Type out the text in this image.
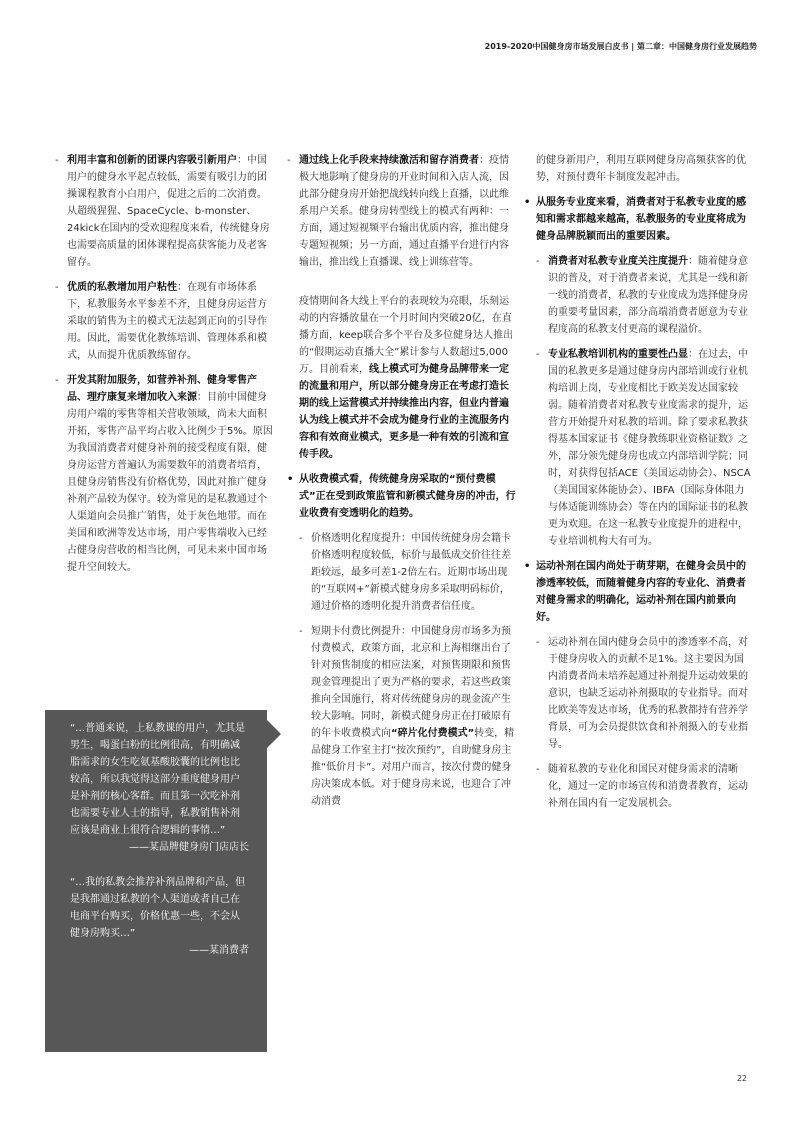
2019-2020中国健身房市场发展白皮书 | 第二章：中国健身房行业发展趋势
- 利用丰富和创新的团课内容吸引新用户：中国用户的健身水平起点较低，需要有吸引力的团操课程教育小白用户，促进之后的二次消费。从超级猩猩、SpaceCycle、b-monster、24kick在国内的受欢迎程度来看，传统健身房也需要高质量的团体课程提高获客能力及老客留存。
- 优质的私教增加用户粘性：在现有市场体系下，私教服务水平参差不齐，且健身房运营方采取的销售为主的模式无法起到正向的引导作用。因此，需要优化教练培训、管理体系和模式，从而提升优质教练留存。
- 开发其附加服务，如营养补剂、健身零售产品、理疗康复来增加收入来源：目前中国健身房用户端的零售等相关营收领域，尚未大面积开拓，零售产品平均占收入比例少于5%。原因为我国消费者对健身补剂的接受程度有限，健身房运营方普遍认为需要数年的消费者培育，且健身房销售没有价格优势，因此对推广健身补剂产品较为保守。较为常见的是私教通过个人渠道向会员推广销售，处于灰色地带。而在美国和欧洲等发达市场，用户零售端收入已经占健身房营收的相当比例，可见未来中国市场提升空间较大。

“…普通来说，上私教课的用户，尤其是男生，喝蛋白粉的比例很高，有明确减脂需求的女生吃氨基酸胶囊的比例也比较高，所以我觉得这部分重度健身用户是补剂的核心客群。而且第一次吃补剂也需要专业人士的指导，私教销售补剂应该是商业上很符合逻辑的事情…”

——某品牌健身房门店店长

“…我的私教会推荐补剂品牌和产品，但是我都通过私教的个人渠道或者自己在电商平台购买，价格优惠一些，不会从健身房购买…”

——某消费者

- 通过线上化手段来持续激活和留存消费者：疫情极大地影响了健身房的开业时间和入店人流，因此部分健身房开始把战线转向线上直播，以此维系用户关系。健身房转型线上的模式有两种：一方面，通过短视频平台输出优质内容，推出健身专题短视频；另一方面，通过直播平台进行内容输出，推出线上直播课、线上训练营等。
疫情期间各大线上平台的表现较为亮眼，乐刻运动的内容播放量在一个月时间内突破20亿，在直播方面，keep联合多个平台及多位健身达人推出的“假期运动直播大全”累计参与人数超过5,000万。目前看来，线上模式可为健身品牌带来一定的流量和用户，所以部分健身房正在考虑打造长期的线上运营模式并持续推出内容，但业内普遍认为线上模式并不会成为健身行业的主流服务内容和有效商业模式，更多是一种有效的引流和宣传手段。
• 从收费模式看，传统健身房采取的“预付费模式”正在受到政策监管和新模式健身房的冲击，行业收费有变透明化的趋势。
- 价格透明化程度提升：中国传统健身房会籍卡价格透明程度较低，标价与最低成交价往往差距较远，最多可差1-2倍左右。近期市场出现的“互联网+”新模式健身房多采取明码标价，通过价格的透明化提升消费者信任度。
- 短期卡付费比例提升：中国健身房市场多为预付费模式，政策方面，北京和上海相继出台了针对预售制度的相应法案，对预售期限和预售现金管理提出了更为严格的要求，若这些政策推向全国施行，将对传统健身房的现金流产生较大影响。同时，新模式健身房正在打破原有的年卡收费模式向“碎片化付费模式”转变，精品健身工作室主打“按次预约”，自助健身房主推“低价月卡”。对用户而言，按次付费的健身房决策成本低。对于健身房来说，也迎合了冲动消费
的健身新用户，利用互联网健身房高频获客的优势，对预付费年卡制度发起冲击。
• 从服务专业度来看，消费者对于私教专业度的感知和需求都越来越高，私教服务的专业度将成为健身品牌脱颖而出的重要因素。
- 消费者对私教专业度关注度提升：随着健身意识的普及，对于消费者来说，尤其是一线和新一线的消费者，私教的专业度成为选择健身房的重要考量因素，部分高端消费者愿意为专业程度高的私教支付更高的课程溢价。
- 专业私教培训机构的重要性凸显：在过去，中国的私教更多是通过健身房内部培训或行业机构培训上岗，专业度相比于欧美发达国家较弱。随着消费者对私教专业度需求的提升，运营方开始提升对私教的培训。除了要求私教获得基本国家证书《健身教练职业资格证数》之外，部分领先健身房也成立内部培训学院；同时，对获得包括ACE（美国运动协会）、NSCA（美国国家体能协会）、IBFA（国际身体阻力与体适能训练协会）等在内的国际证书的私教更为欢迎。在这一私教专业度提升的进程中，专业培训机构大有可为。
• 运动补剂在国内尚处于萌芽期，在健身会员中的渗透率较低，而随着健身内容的专业化、消费者对健身需求的明确化，运动补剂在国内前景向好。
- 运动补剂在国内健身会员中的渗透率不高，对于健身房收入的贡献不足1%。这主要因为国内消费者尚未培养起通过补剂提升运动效果的意识，也缺乏运动补剂摄取的专业指导。而对比欧美等发达市场，优秀的私教都持有营养学背景，可为会员提供饮食和补剂摄入的专业指导。
- 随着私教的专业化和国民对健身需求的清晰化，通过一定的市场宣传和消费者教育，运动补剂在国内有一定发展机会。
22
